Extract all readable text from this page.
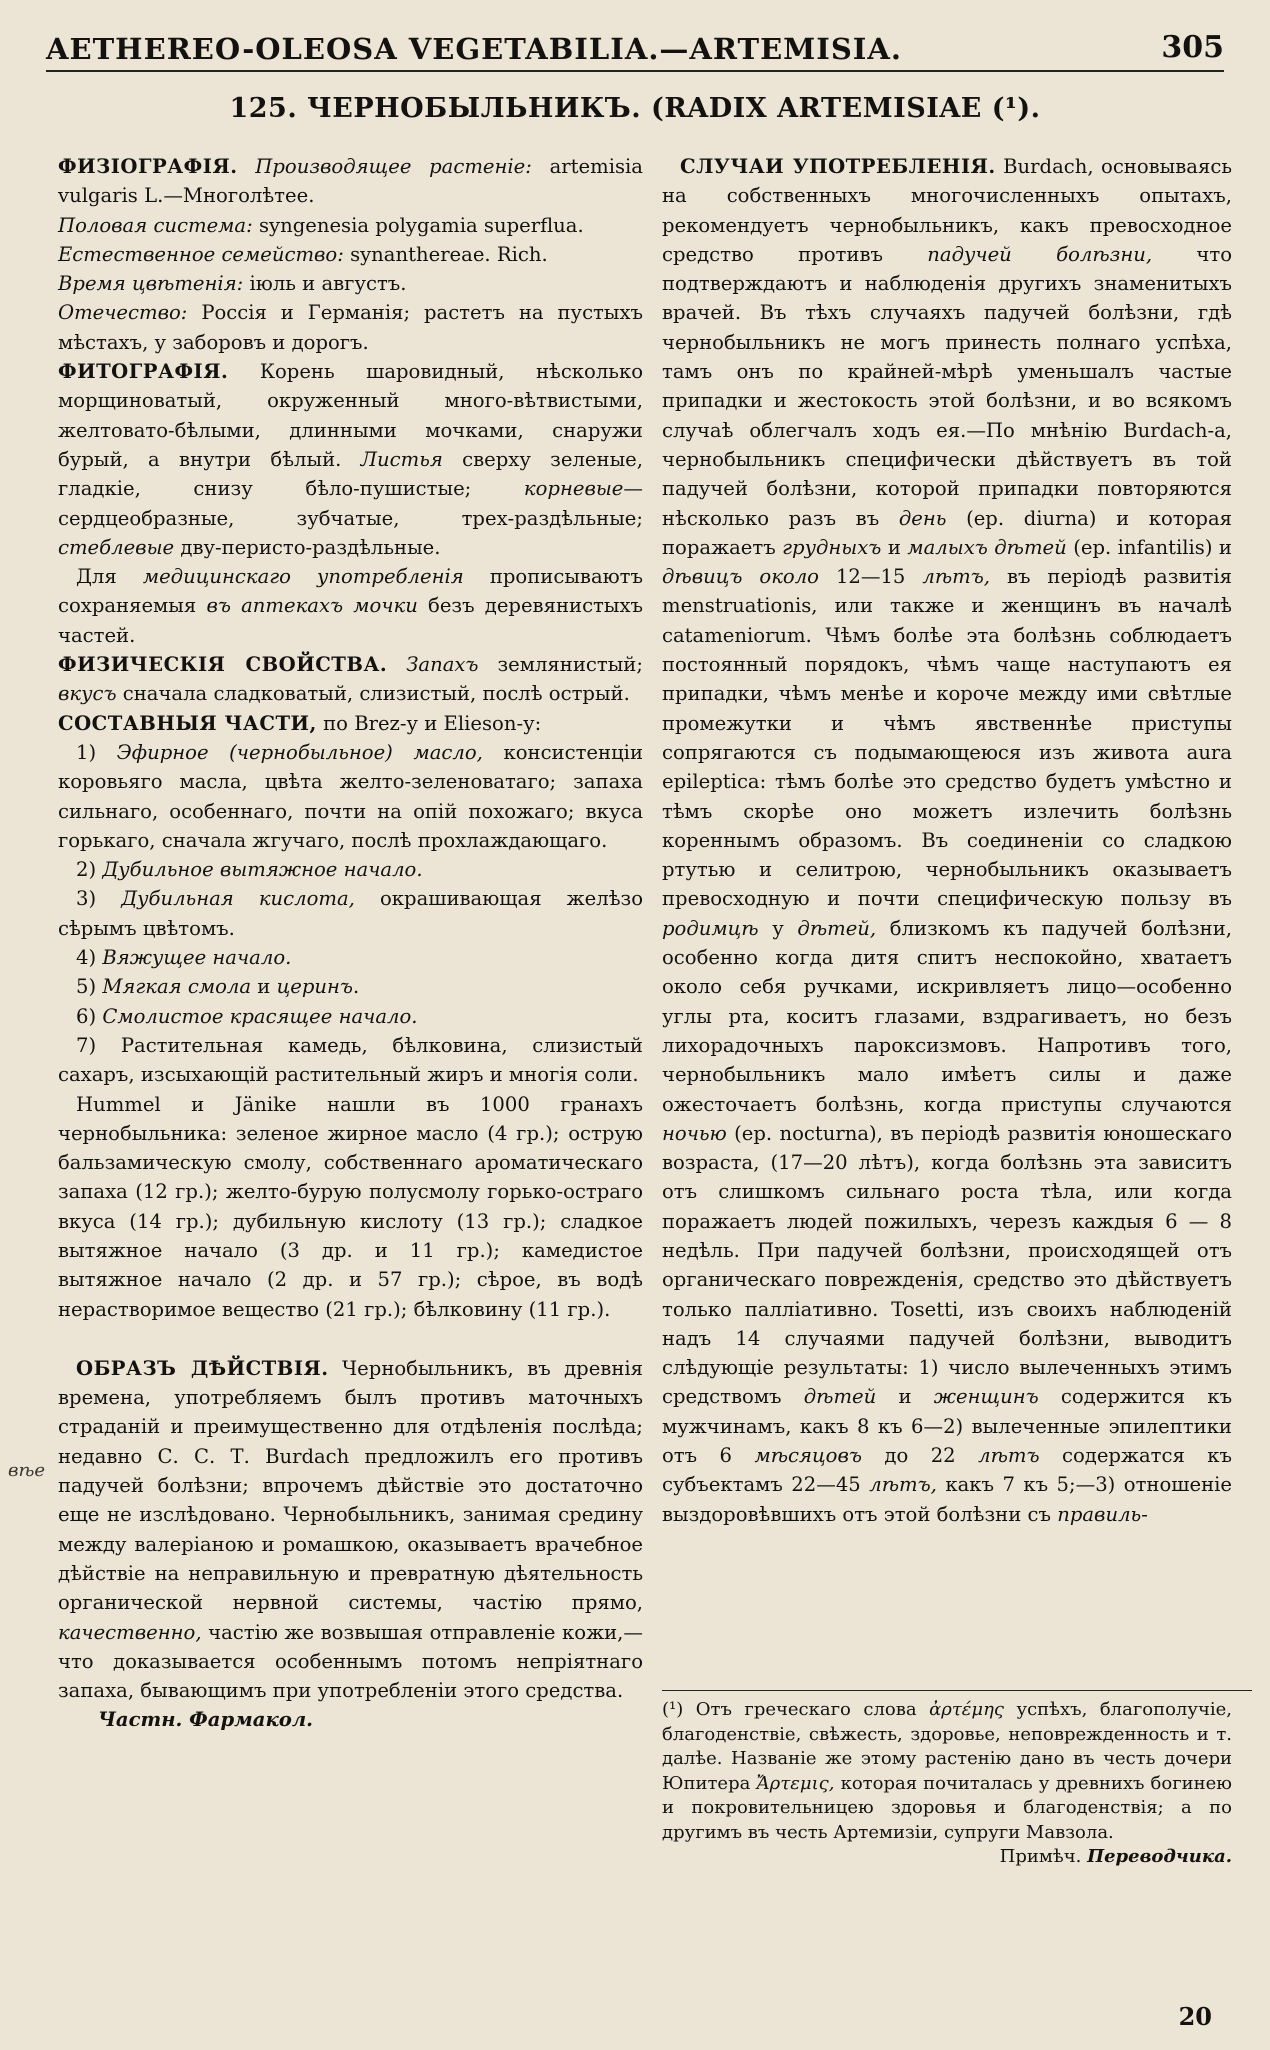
AETHEREO-OLEOSA VEGETABILIA.—ARTEMISIA.	305
125. ЧЕРНОБЫЛЬНИКЪ. (RADIX ARTEMISIAE (¹).
вѣе

ФИЗІОГРАФІЯ. Производящее растеніе: artemisia vulgaris L.—Многолѣтее.

Половая система: syngenesia polygamia superflua.

Естественное семейство: synanthereae. Rich.

Время цвѣтенія: іюль и августъ.

Отечество: Россія и Германія; растетъ на пустыхъ мѣстахъ, у заборовъ и дорогъ.

ФИТОГРАФІЯ. Корень шаровидный, нѣсколько морщиноватый, окруженный много-вѣтвистыми, желтовато-бѣлыми, длинными мочками, снаружи бурый, а внутри бѣлый. Листья сверху зеленые, гладкіе, снизу бѣло-пушистые;	корневые—сердцеобразные, зубчатые, трех-раздѣльные; стеблевые дву-перисто-раздѣльные.

Для медицинскаго употребленія прописываютъ сохраняемыя въ аптекахъ мочки безъ деревянистыхъ частей.

ФИЗИЧЕСКІЯ СВОЙСТВА. Запахъ землянистый; вкусъ сначала сладковатый, слизистый, послѣ острый.

СОСТАВНЫЯ ЧАСТИ, по Brez-у и Elieson-у:

1) Эфирное (чернобыльное) масло, консистенціи коровьяго масла, цвѣта желто-зеленоватаго; запаха сильнаго, особеннаго, почти на опій похожаго; вкуса горькаго, сначала жгучаго, послѣ прохлаждающаго.

2) Дубильное вытяжное начало.

3) Дубильная кислота, окрашивающая желѣзо сѣрымъ цвѣтомъ.

4) Вяжущее начало.

5) Мягкая смола и церинъ.

6) Смолистое красящее начало.

7) Растительная камедь, бѣлковина, слизистый сахаръ, изсыхающій растительный жиръ и многія соли.

Hummel и Jänike нашли въ 1000 гранахъ чернобыльника: зеленое жирное масло (4 гр.); острую бальзамическую смолу, собственнаго ароматическаго запаха (12 гр.); желто-бурую полусмолу горько-остраго вкуса (14 гр.); дубильную кислоту (13 гр.); сладкое вытяжное начало (3 др. и 11 гр.); камедистое вытяжное начало (2 др. и 57 гр.); сѣрое, въ водѣ нерастворимое вещество (21 гр.); бѣлковину (11 гр.).

ОБРАЗЪ ДѢЙСТВІЯ. Чернобыльникъ, въ древнія времена, употребляемъ былъ противъ маточныхъ страданій и преимущественно для отдѣленія послѣда; недавно С. С. Т. Burdach предложилъ его противъ падучей болѣзни; впрочемъ дѣйствіе это достаточно еще не изслѣдовано. Чернобыльникъ, занимая средину между валеріаною и ромашкою, оказываетъ врачебное дѣйствіе на неправильную и превратную дѣятельность органической нервной системы, частію прямо, качественно, частію же возвышая отправленіе кожи,—что доказывается особеннымъ потомъ непріятнаго запаха, бывающимъ при употребленіи этого средства.

Частн. Фармакол.

СЛУЧАИ УПОТРЕБЛЕНІЯ. Burdach, основываясь на собственныхъ многочисленныхъ опытахъ, рекомендуетъ чернобыльникъ, какъ превосходное средство противъ падучей болѣзни, что подтверждаютъ и наблюденія другихъ знаменитыхъ врачей. Въ тѣхъ случаяхъ падучей болѣзни, гдѣ чернобыльникъ не могъ принесть полнаго успѣха, тамъ онъ по крайней-мѣрѣ уменьшалъ частые припадки и жестокость этой болѣзни, и во всякомъ случаѣ облегчалъ ходъ ея.—По мнѣнію Burdach-а, чернобыльникъ специфически дѣйствуетъ въ той падучей болѣзни, которой припадки повторяются нѣсколько разъ въ день (ep. diurna) и которая поражаетъ грудныхъ и малыхъ дѣтей (ep. infantilis) и дѣвицъ около 12—15 лѣтъ, въ періодѣ развитія menstruationis, или также и женщинъ въ началѣ catameniorum. Чѣмъ болѣе эта болѣзнь соблюдаетъ постоянный порядокъ, чѣмъ чаще наступаютъ ея припадки, чѣмъ менѣе и короче между ими свѣтлые промежутки и чѣмъ явственнѣе приступы сопрягаются съ подымающеюся изъ живота aura epileptica: тѣмъ болѣе это средство будетъ умѣстно и тѣмъ скорѣе оно можетъ излечить болѣзнь кореннымъ образомъ. Въ соединеніи со сладкою ртутью и селитрою, чернобыльникъ оказываетъ превосходную и почти специфическую пользу въ родимцѣ у дѣтей, близкомъ къ падучей болѣзни, особенно когда дитя спитъ неспокойно, хватаетъ около себя ручками, искривляетъ лицо—особенно углы рта, коситъ глазами, вздрагиваетъ, но безъ лихорадочныхъ пароксизмовъ. Напротивъ того, чернобыльникъ мало имѣетъ силы и даже ожесточаетъ болѣзнь, когда приступы случаются ночью (ep. nocturna), въ періодѣ развитія юношескаго возраста, (17—20 лѣтъ), когда болѣзнь эта зависитъ отъ слишкомъ сильнаго роста тѣла, или когда поражаетъ людей пожилыхъ, черезъ каждыя 6 — 8 недѣль. При падучей болѣзни, происходящей отъ органическаго поврежденія, средство это дѣйствуетъ только палліативно. Tosetti, изъ своихъ наблюденій надъ 14 случаями падучей болѣзни, выводитъ слѣдующіе результаты: 1) число вылеченныхъ этимъ средствомъ дѣтей и женщинъ содержится къ мужчинамъ, какъ 8 къ 6—2) вылеченные эпилептики отъ 6 мѣсяцовъ до 22 лѣтъ содержатся къ субъектамъ 22—45 лѣтъ, какъ 7 къ 5;—3) отношеніе выздоровѣвшихъ отъ этой болѣзни съ правиль-

(¹) Отъ греческаго слова ἀρτέμης успѣхъ, благополучіе, благоденствіе, свѣжесть, здоровье, неповрежденность и т. далѣе. Названіе же этому растенію дано въ честь дочери Юпитера Ἄρτεμις, которая почиталась у древнихъ богинею и покровительницею здоровья и благоденствія; а по другимъ въ честь Артемизіи, супруги Мавзола.

Примѣч. Переводчика.

20
